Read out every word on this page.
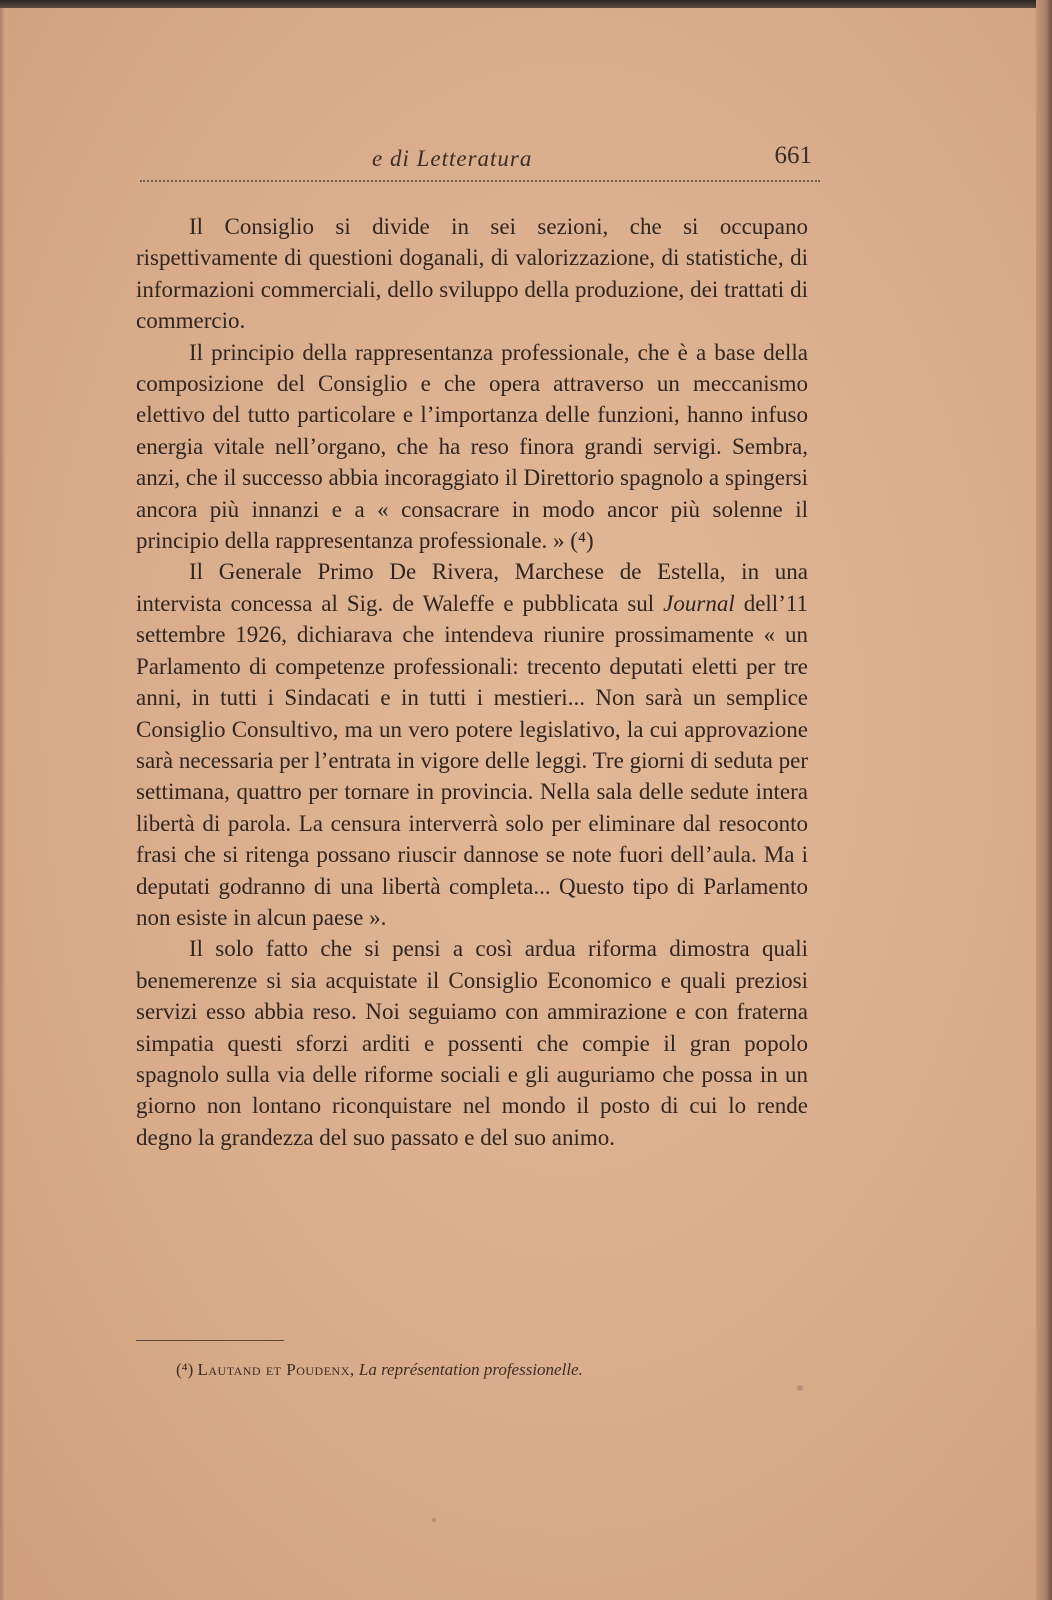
e di Letteratura	661

Il Consiglio si divide in sei sezioni, che si occupano rispettivamente di questioni doganali, di valorizzazione, di statistiche, di informazioni commerciali, dello sviluppo della produzione, dei trattati di commercio.

Il principio della rappresentanza professionale, che è a base della composizione del Consiglio e che opera attraverso un meccanismo elettivo del tutto particolare e l’importanza delle funzioni, hanno infuso energia vitale nell’organo, che ha reso finora grandi servigi. Sembra, anzi, che il successo abbia incoraggiato il Direttorio spagnolo a spingersi ancora più innanzi e a « consacrare in modo ancor più solenne il principio della rappresentanza professionale. » (⁴)

Il Generale Primo De Rivera, Marchese de Estella, in una intervista concessa al Sig. de Waleffe e pubblicata sul Journal dell’11 settembre 1926, dichiarava che intendeva riunire prossimamente « un Parlamento di competenze professionali: trecento deputati eletti per tre anni, in tutti i Sindacati e in tutti i mestieri... Non sarà un semplice Consiglio Consultivo, ma un vero potere legislativo, la cui approvazione sarà necessaria per l’entrata in vigore delle leggi. Tre giorni di seduta per settimana, quattro per tornare in provincia. Nella sala delle sedute intera libertà di parola. La censura interverrà solo per eliminare dal resoconto frasi che si ritenga possano riuscir dannose se note fuori dell’aula. Ma i deputati godranno di una libertà completa... Questo tipo di Parlamento non esiste in alcun paese ».

Il solo fatto che si pensi a così ardua riforma dimostra quali benemerenze si sia acquistate il Consiglio Economico e quali preziosi servizi esso abbia reso. Noi seguiamo con ammirazione e con fraterna simpatia questi sforzi arditi e possenti che compie il gran popolo spagnolo sulla via delle riforme sociali e gli auguriamo che possa in un giorno non lontano riconquistare nel mondo il posto di cui lo rende degno la grandezza del suo passato e del suo animo.

(⁴) Lautand et Poudenx, La représentation professionelle.
